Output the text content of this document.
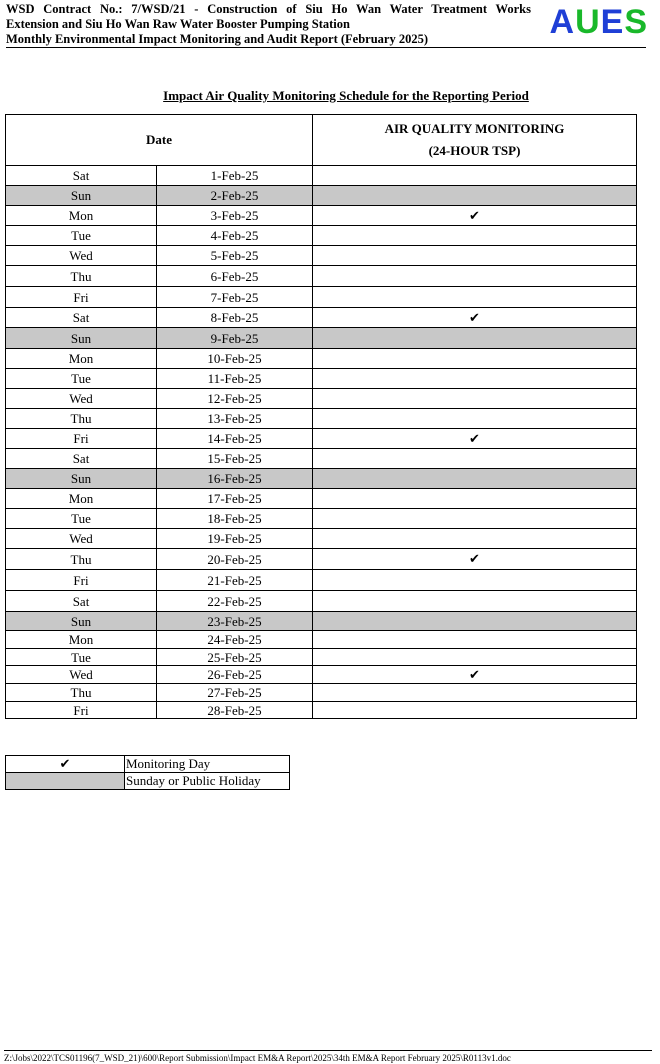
WSD Contract No.: 7/WSD/21 - Construction of Siu Ho Wan Water Treatment Works
Extension and Siu Ho Wan Raw Water Booster Pumping Station
Monthly Environmental Impact Monitoring and Audit Report (February 2025)	AUES
Impact Air Quality Monitoring Schedule for the Reporting Period
Date		AIR QUALITY MONITORING
(24-HOUR TSP)

Sat	1-Feb-25	
Sun	2-Feb-25	
Mon	3-Feb-25	✔
Tue	4-Feb-25	
Wed	5-Feb-25	
Thu	6-Feb-25	
Fri	7-Feb-25	
Sat	8-Feb-25	✔
Sun	9-Feb-25	
Mon	10-Feb-25	
Tue	11-Feb-25	
Wed	12-Feb-25	
Thu	13-Feb-25	
Fri	14-Feb-25	✔
Sat	15-Feb-25	
Sun	16-Feb-25	
Mon	17-Feb-25	
Tue	18-Feb-25	
Wed	19-Feb-25	
Thu	20-Feb-25	✔
Fri	21-Feb-25	
Sat	22-Feb-25	
Sun	23-Feb-25	
Mon	24-Feb-25	
Tue	25-Feb-25	
Wed	26-Feb-25	✔
Thu	27-Feb-25	
Fri	28-Feb-25	
✔	Monitoring Day
	Sunday or Public Holiday
Z:\Jobs\2022\TCS01196(7_WSD_21)\600\Report Submission\Impact EM&A Report\2025\34th EM&A Report February 2025\R0113v1.doc
